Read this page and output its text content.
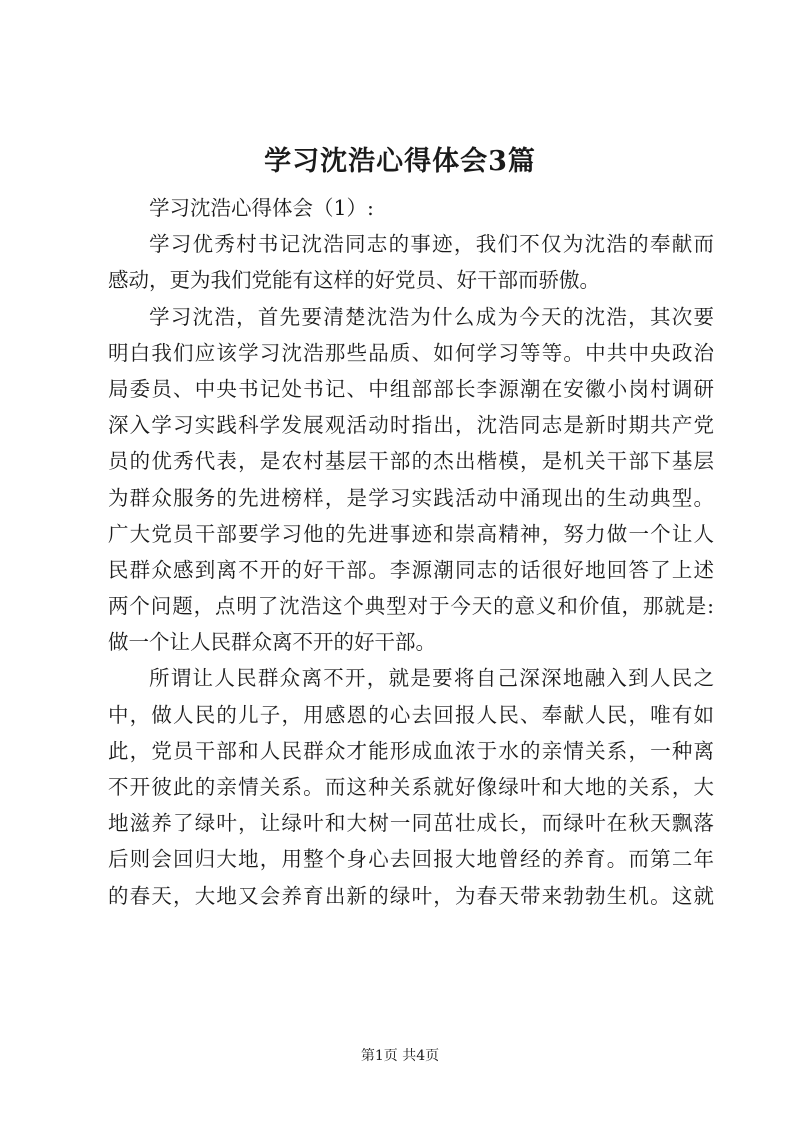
学习沈浩心得体会3篇
学习沈浩心得体会（1）:
学习优秀村书记沈浩同志的事迹，我们不仅为沈浩的奉献而
感动，更为我们党能有这样的好党员、好干部而骄傲。
学习沈浩，首先要清楚沈浩为什么成为今天的沈浩，其次要
明白我们应该学习沈浩那些品质、如何学习等等。中共中央政治
局委员、中央书记处书记、中组部部长李源潮在安徽小岗村调研
深入学习实践科学发展观活动时指出，沈浩同志是新时期共产党
员的优秀代表，是农村基层干部的杰出楷模，是机关干部下基层
为群众服务的先进榜样，是学习实践活动中涌现出的生动典型。
广大党员干部要学习他的先进事迹和崇高精神，努力做一个让人
民群众感到离不开的好干部。李源潮同志的话很好地回答了上述
两个问题，点明了沈浩这个典型对于今天的意义和价值，那就是:
做一个让人民群众离不开的好干部。
所谓让人民群众离不开，就是要将自己深深地融入到人民之
中，做人民的儿子，用感恩的心去回报人民、奉献人民，唯有如
此，党员干部和人民群众才能形成血浓于水的亲情关系，一种离
不开彼此的亲情关系。而这种关系就好像绿叶和大地的关系，大
地滋养了绿叶，让绿叶和大树一同茁壮成长，而绿叶在秋天飘落
后则会回归大地，用整个身心去回报大地曾经的养育。而第二年
的春天，大地又会养育出新的绿叶，为春天带来勃勃生机。这就
第1页 共4页
